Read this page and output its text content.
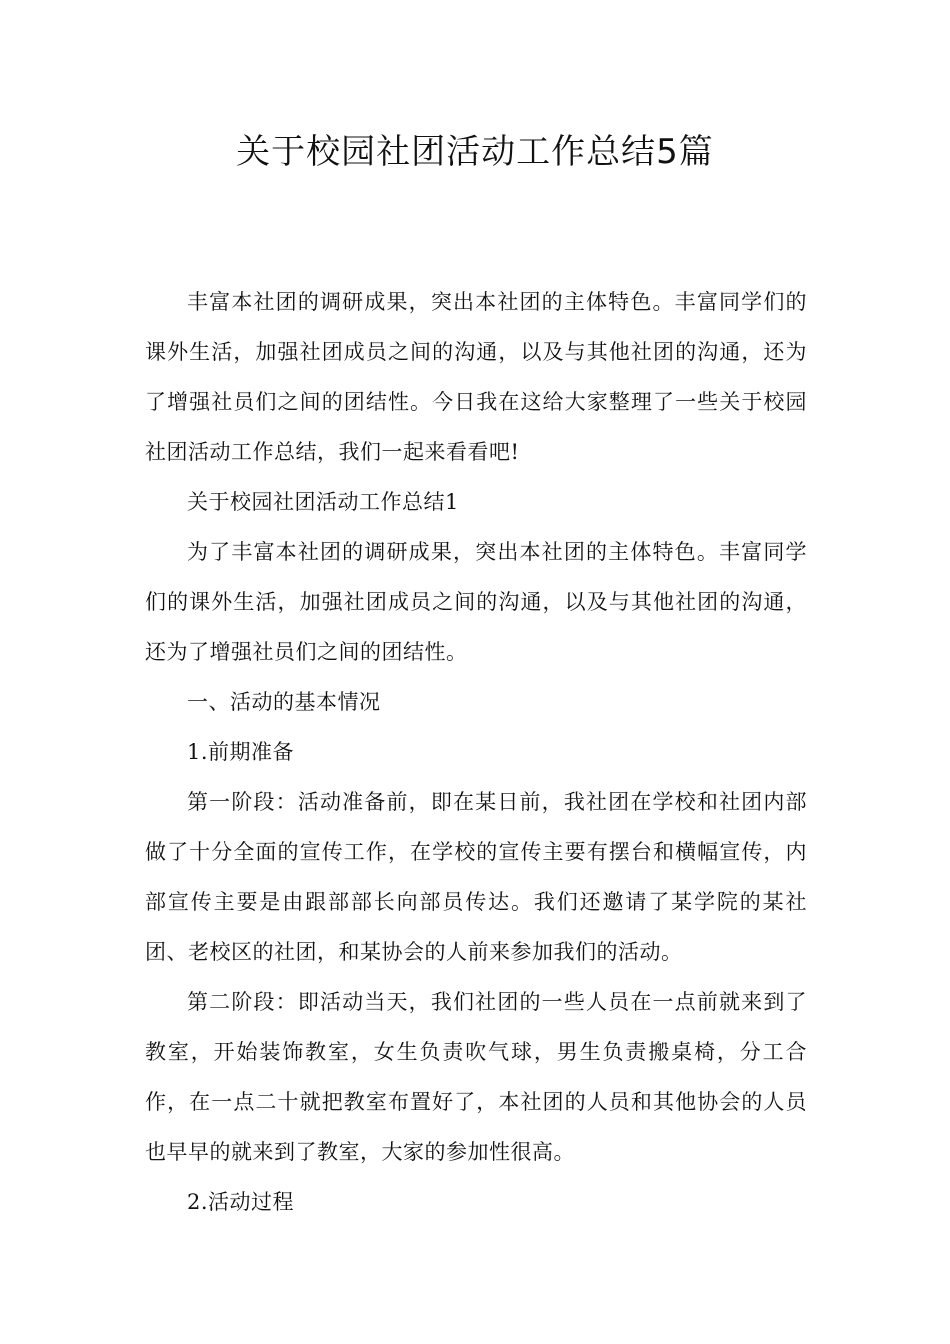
关于校园社团活动工作总结5篇

丰富本社团的调研成果，突出本社团的主体特色。丰富同学们的课外生活，加强社团成员之间的沟通，以及与其他社团的沟通，还为了增强社员们之间的团结性。今日我在这给大家整理了一些关于校园社团活动工作总结，我们一起来看看吧!

关于校园社团活动工作总结1

为了丰富本社团的调研成果，突出本社团的主体特色。丰富同学们的课外生活，加强社团成员之间的沟通，以及与其他社团的沟通，还为了增强社员们之间的团结性。

一、活动的基本情况

1.前期准备

第一阶段：活动准备前，即在某日前，我社团在学校和社团内部做了十分全面的宣传工作，在学校的宣传主要有摆台和横幅宣传，内部宣传主要是由跟部部长向部员传达。我们还邀请了某学院的某社团、老校区的社团，和某协会的人前来参加我们的活动。

第二阶段：即活动当天，我们社团的一些人员在一点前就来到了教室，开始装饰教室，女生负责吹气球，男生负责搬桌椅，分工合作，在一点二十就把教室布置好了，本社团的人员和其他协会的人员也早早的就来到了教室，大家的参加性很高。

2.活动过程
